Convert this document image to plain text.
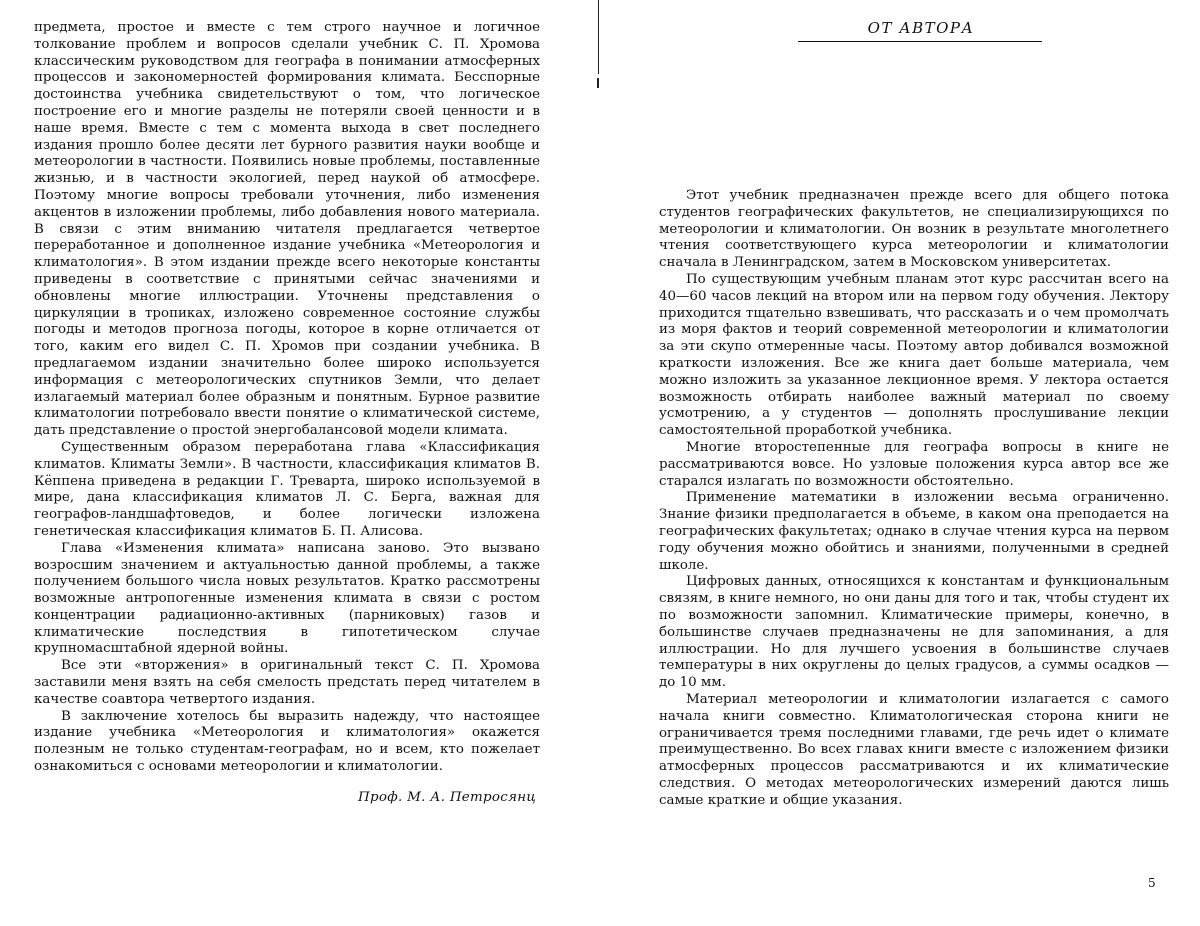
предмета, простое и вместе с тем строго научное и логичное толкование проблем и вопросов сделали учебник С. П. Хромова классическим руководством для географа в понимании атмосферных процессов и закономерностей формирования климата. Бесспорные достоинства учебника свидетельствуют о том, что логическое построение его и многие разделы не потеряли своей ценности и в наше время. Вместе с тем с момента выхода в свет последнего издания прошло более десяти лет бурного развития науки вообще и метеорологии в частности. Появились новые проблемы, поставленные жизнью, и в частности экологией, перед наукой об атмосфере. Поэтому многие вопросы требовали уточнения, либо изменения акцентов в изложении проблемы, либо добавления нового материала. В связи с этим вниманию читателя предлагается четвертое переработанное и дополненное издание учебника «Метеорология и климатология». В этом издании прежде всего некоторые константы приведены в соответствие с принятыми сейчас значениями и обновлены многие иллюстрации. Уточнены представления о циркуляции в тропиках, изложено современное состояние службы погоды и методов прогноза погоды, которое в корне отличается от того, каким его видел С. П. Хромов при создании учебника. В предлагаемом издании значительно более широко используется информация с метеорологических спутников Земли, что делает излагаемый материал более образным и понятным. Бурное развитие климатологии потребовало ввести понятие о климатической системе, дать представление о простой энергобалансовой модели климата.

Существенным образом переработана глава «Классификация климатов. Климаты Земли». В частности, классификация климатов В. Кёппена приведена в редакции Г. Треварта, широко используемой в мире, дана классификация климатов Л. С. Берга, важная для географов-ландшафтоведов, и более логически изложена генетическая классификация климатов Б. П. Алисова.

Глава «Изменения климата» написана заново. Это вызвано возросшим значением и актуальностью данной проблемы, а также получением большого числа новых результатов. Кратко рассмотрены возможные антропогенные изменения климата в связи с ростом концентрации радиационно-активных (парниковых) газов и климатические последствия в гипотетическом случае крупномасштабной ядерной войны.

Все эти «вторжения» в оригинальный текст С. П. Хромова заставили меня взять на себя смелость предстать перед читателем в качестве соавтора четвертого издания.

В заключение хотелось бы выразить надежду, что настоящее издание учебника «Метеорология и климатология» окажется полезным не только студентам-географам, но и всем, кто пожелает ознакомиться с основами метеорологии и климатологии.

Проф. М. А. Петросянц

ОТ АВТОРА

Этот учебник предназначен прежде всего для общего потока студентов географических факультетов, не специализирующихся по метеорологии и климатологии. Он возник в результате многолетнего чтения соответствующего курса метеорологии и климатологии сначала в Ленинградском, затем в Московском университетах.

По существующим учебным планам этот курс рассчитан всего на 40—60 часов лекций на втором или на первом году обучения. Лектору приходится тщательно взвешивать, что рассказать и о чем промолчать из моря фактов и теорий современной метеорологии и климатологии за эти скупо отмеренные часы. Поэтому автор добивался возможной краткости изложения. Все же книга дает больше материала, чем можно изложить за указанное лекционное время. У лектора остается возможность отбирать наиболее важный материал по своему усмотрению, а у студентов — дополнять прослушивание лекции самостоятельной проработкой учебника.

Многие второстепенные для географа вопросы в книге не рассматриваются вовсе. Но узловые положения курса автор все же старался излагать по возможности обстоятельно.

Применение математики в изложении весьма ограниченно. Знание физики предполагается в объеме, в каком она преподается на географических факультетах; однако в случае чтения курса на первом году обучения можно обойтись и знаниями, полученными в средней школе.

Цифровых данных, относящихся к константам и функциональным связям, в книге немного, но они даны для того и так, чтобы студент их по возможности запомнил. Климатические примеры, конечно, в большинстве случаев предназначены не для запоминания, а для иллюстрации. Но для лучшего усвоения в большинстве случаев температуры в них округлены до целых градусов, а суммы осадков — до 10 мм.

Материал метеорологии и климатологии излагается с самого начала книги совместно. Климатологическая сторона книги не ограничивается тремя последними главами, где речь идет о климате преимущественно. Во всех главах книги вместе с изложением физики атмосферных процессов рассматриваются и их климатические следствия. О методах метеорологических измерений даются лишь самые краткие и общие указания.

5
